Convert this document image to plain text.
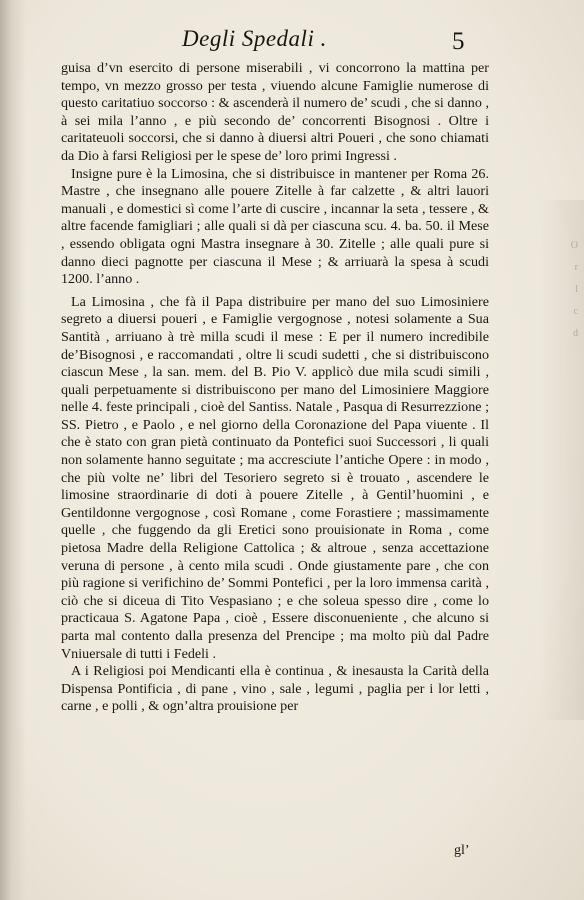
O
r
l
c
d
Degli Spedali .	5

guisa d’vn esercito di persone miserabili , vi concorrono la mattina per tempo, vn mezzo grosso per testa , viuendo alcune Famiglie numerose di questo caritatiuo soccorso : & ascenderà il numero de’ scudi , che si danno , à sei mila l’anno , e più secondo de’ concorrenti Bisognosi . Oltre i caritateuoli soccorsi, che si danno à diuersi altri Poueri , che sono chiamati da Dio à farsi Religiosi per le spese de’ loro primi Ingressi .

Insigne pure è la Limosina, che si distribuisce in mantener per Roma 26. Mastre , che insegnano alle pouere Zitelle à far calzette , & altri lauori manuali , e domestici sì come l’arte di cuscire , incannar la seta , tessere , & altre facende famigliari ; alle quali si dà per ciascuna scu. 4. ba. 50. il Mese , essendo obligata ogni Mastra insegnare à 30. Zitelle ; alle quali pure si danno dieci pagnotte per ciascuna il Mese ; & arriuarà la spesa à scudi 1200. l’anno .

La Limosina , che fà il Papa distribuire per mano del suo Limosiniere segreto a diuersi poueri , e Famiglie vergognose , notesi solamente a Sua Santità , arriuano à trè milla scudi il mese : E per il numero incredibile de’Bisognosi , e raccomandati , oltre li scudi sudetti , che si distribuiscono ciascun Mese , la san. mem. del B. Pio V. applicò due mila scudi simili , quali perpetuamente si distribuiscono per mano del Limosiniere Maggiore nelle 4. feste principali , cioè del Santiss. Natale , Pasqua di Resurrezzione ; SS. Pietro , e Paolo , e nel giorno della Coronazione del Papa viuente . Il che è stato con gran pietà continuato da Pontefici suoi Successori , li quali non solamente hanno seguitate ; ma accresciute l’antiche Opere : in modo , che più volte ne’ libri del Tesoriero segreto si è trouato , ascendere le limosine straordinarie di doti à pouere Zitelle , à Gentil’huomini , e Gentildonne vergognose , così Romane , come Forastiere ; massimamente quelle , che fuggendo da gli Eretici sono prouisionate in Roma , come pietosa Madre della Religione Cattolica ; & altroue , senza accettazione veruna di persone , à cento mila scudi . Onde giustamente pare , che con più ragione si verifichino de’ Sommi Pontefici , per la loro immensa carità , ciò che si diceua di Tito Vespasiano ; e che soleua spesso dire , come lo practicaua S. Agatone Papa , cioè , Essere disconueniente , che alcuno si parta mal contento dalla presenza del Prencipe ; ma molto più dal Padre Vniuersale di tutti i Fedeli .

A i Religiosi poi Mendicanti ella è continua , & inesausta la Carità della Dispensa Pontificia , di pane , vino , sale , legumi , paglia per i lor letti , carne , e polli , & ogn’altra prouisione per

gl’
